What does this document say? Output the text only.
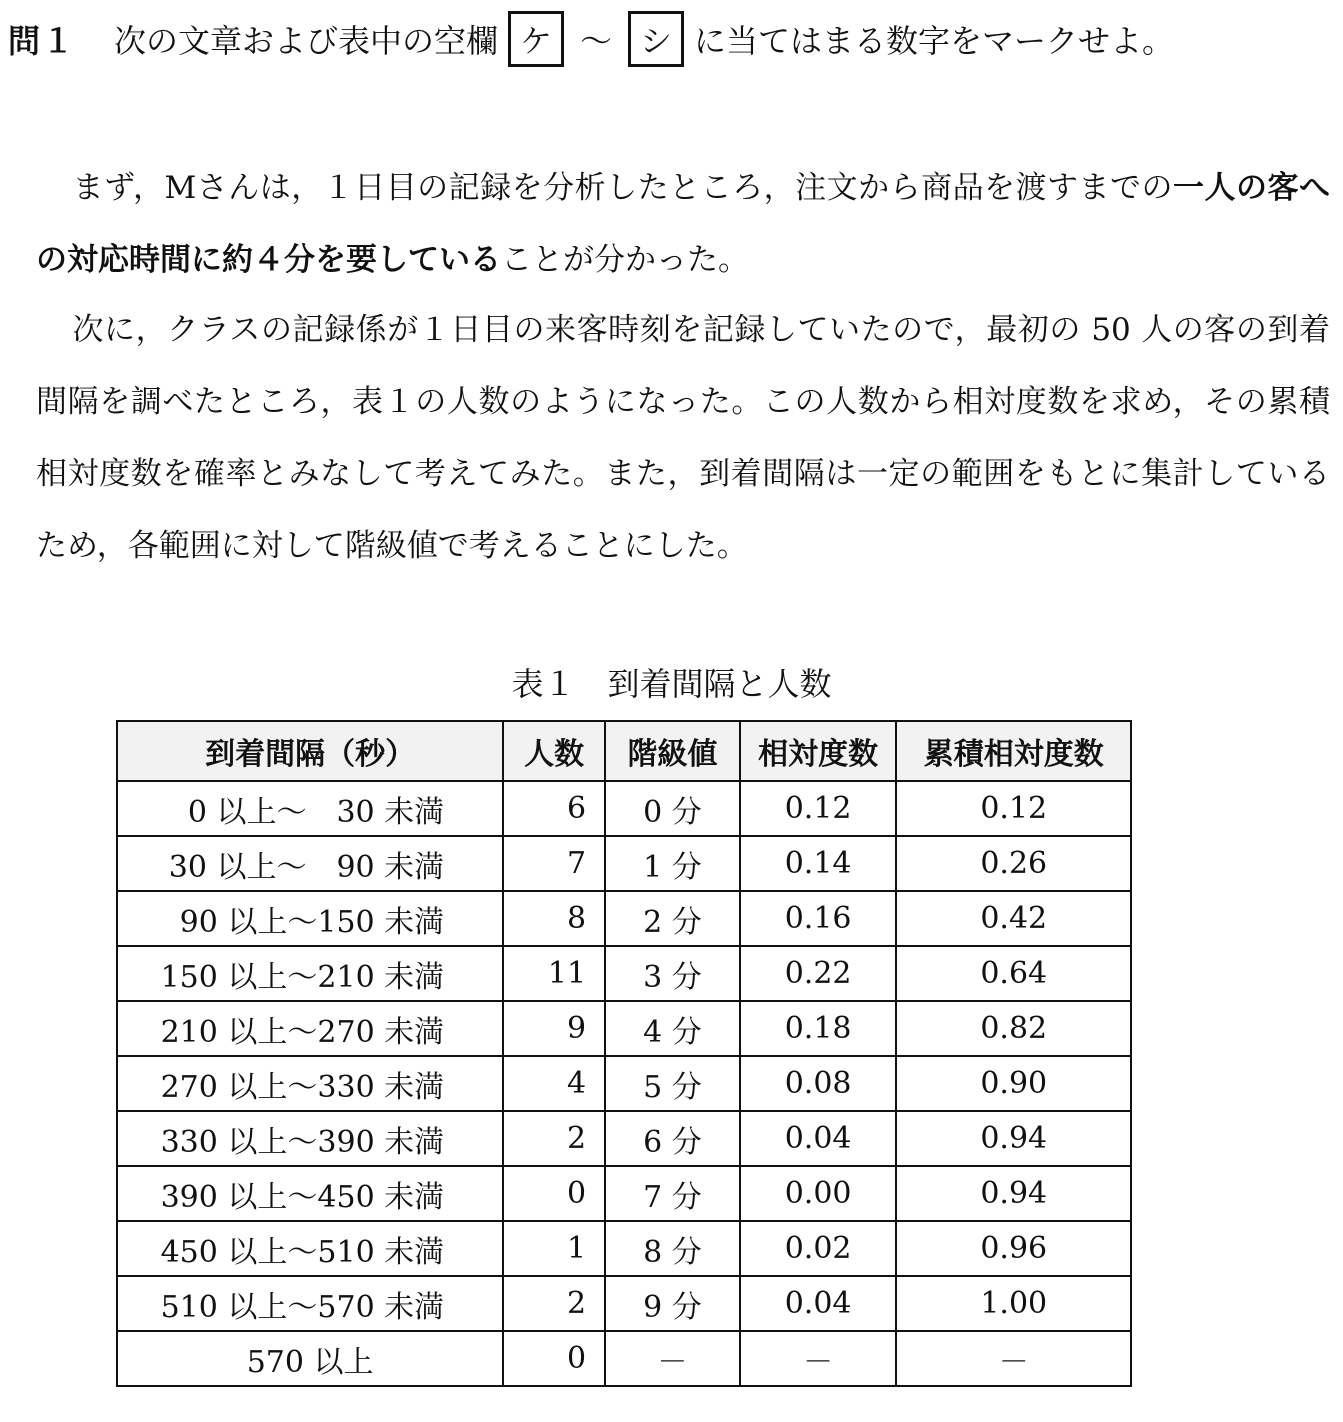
問１ 次の文章および表中の空欄 ケ ～ シ に当てはまる数字をマークせよ。

まず，Mさんは，１日目の記録を分析したところ，注文から商品を渡すまでの一人の客への対応時間に約４分を要していることが分かった。

次に，クラスの記録係が１日目の来客時刻を記録していたので，最初の 50 人の客の到着間隔を調べたところ，表１の人数のようになった。この人数から相対度数を求め，その累積相対度数を確率とみなして考えてみた。また，到着間隔は一定の範囲をもとに集計しているため，各範囲に対して階級値で考えることにした。

表１　到着間隔と人数
到着間隔（秒）	人数	階級値	相対度数	累積相対度数
0 以上～　30 未満	6	0 分	0.12	0.12
30 以上～　90 未満	7	1 分	0.14	0.26
90 以上～150 未満	8	2 分	0.16	0.42
150 以上～210 未満	11	3 分	0.22	0.64
210 以上～270 未満	9	4 分	0.18	0.82
270 以上～330 未満	4	5 分	0.08	0.90
330 以上～390 未満	2	6 分	0.04	0.94
390 以上～450 未満	0	7 分	0.00	0.94
450 以上～510 未満	1	8 分	0.02	0.96
510 以上～570 未満	2	9 分	0.04	1.00
570 以上	0	－	－	－
